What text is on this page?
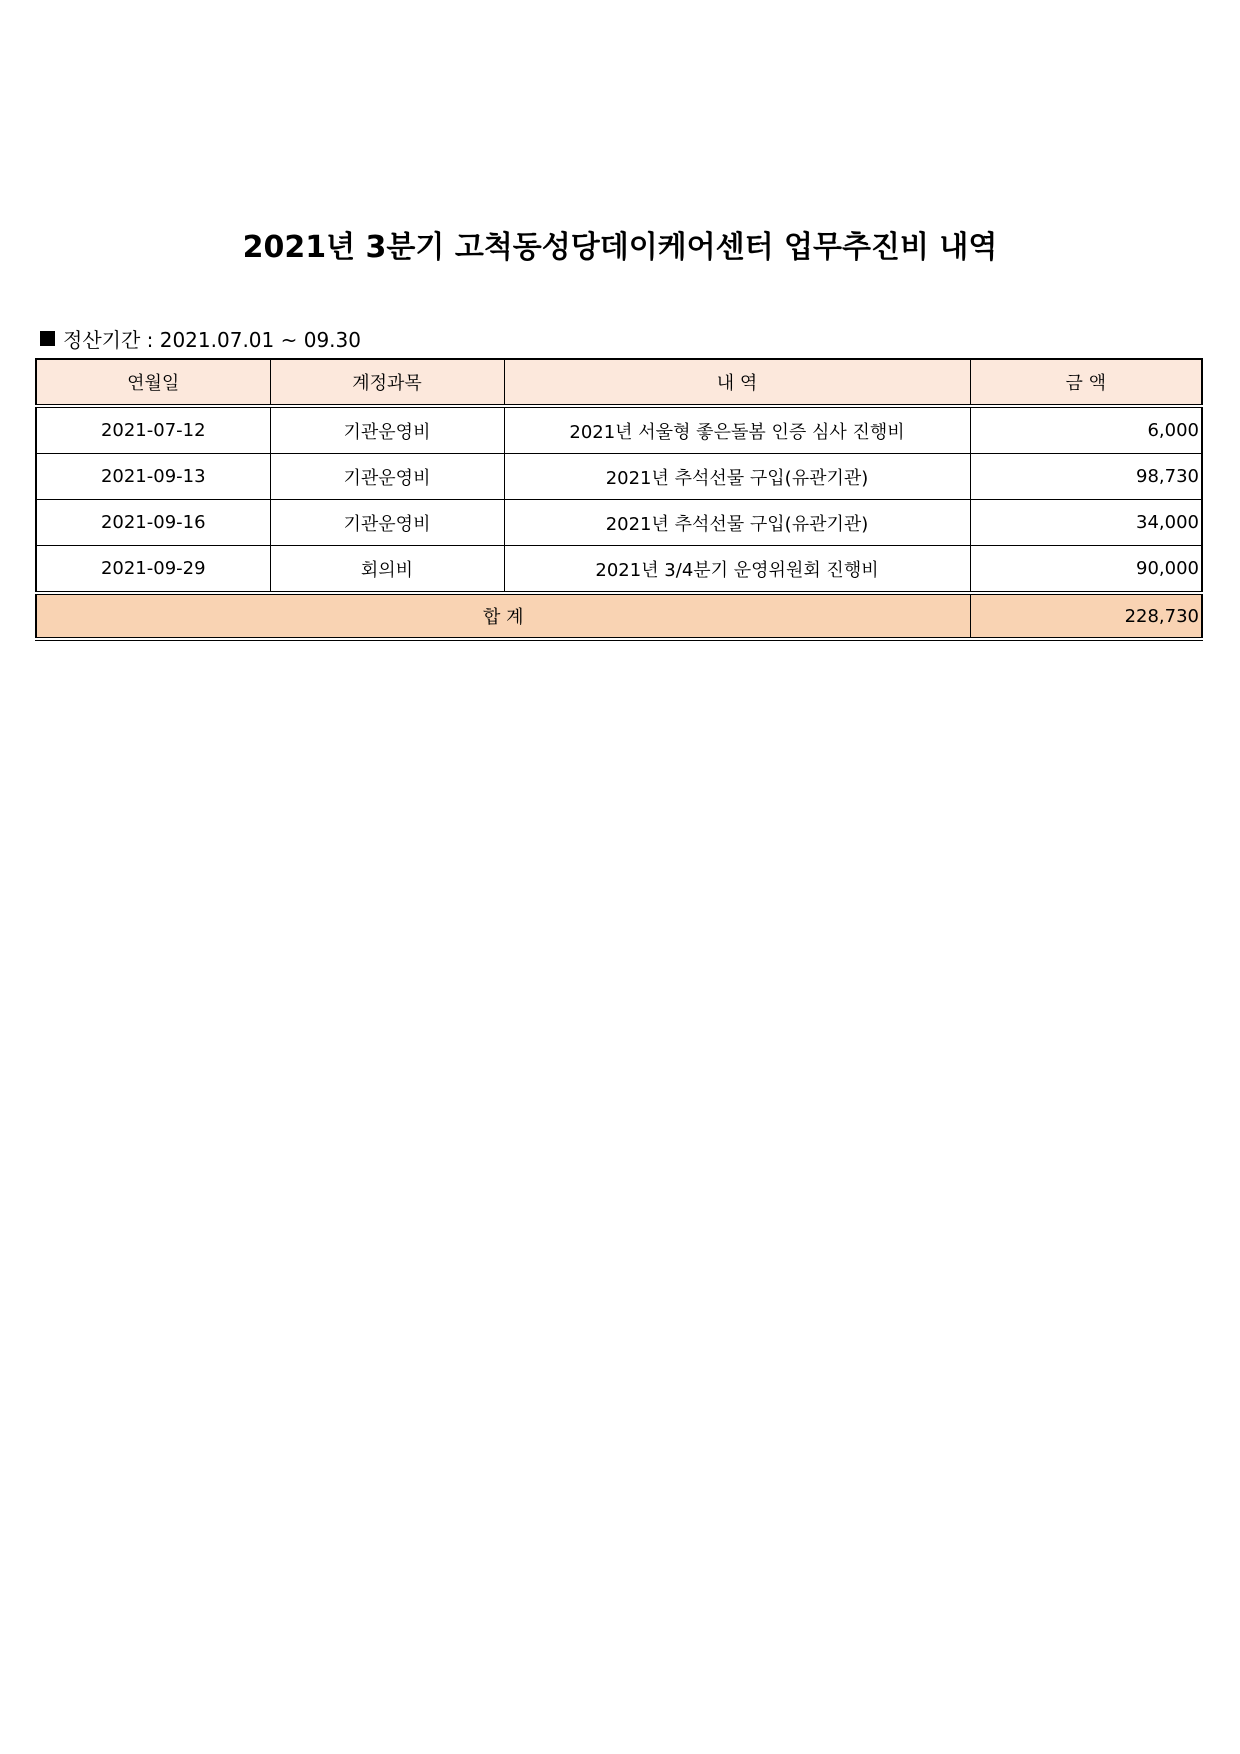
2021년 3분기 고척동성당데이케어센터 업무추진비 내역
정산기간 : 2021.07.01 ~ 09.30
연월일	계정과목	내 역	금 액
2021-07-12	기관운영비	2021년 서울형 좋은돌봄 인증 심사 진행비	6,000
2021-09-13	기관운영비	2021년 추석선물 구입(유관기관)	98,730
2021-09-16	기관운영비	2021년 추석선물 구입(유관기관)	34,000
2021-09-29	회의비	2021년 3/4분기 운영위원회 진행비	90,000
합 계			228,730
